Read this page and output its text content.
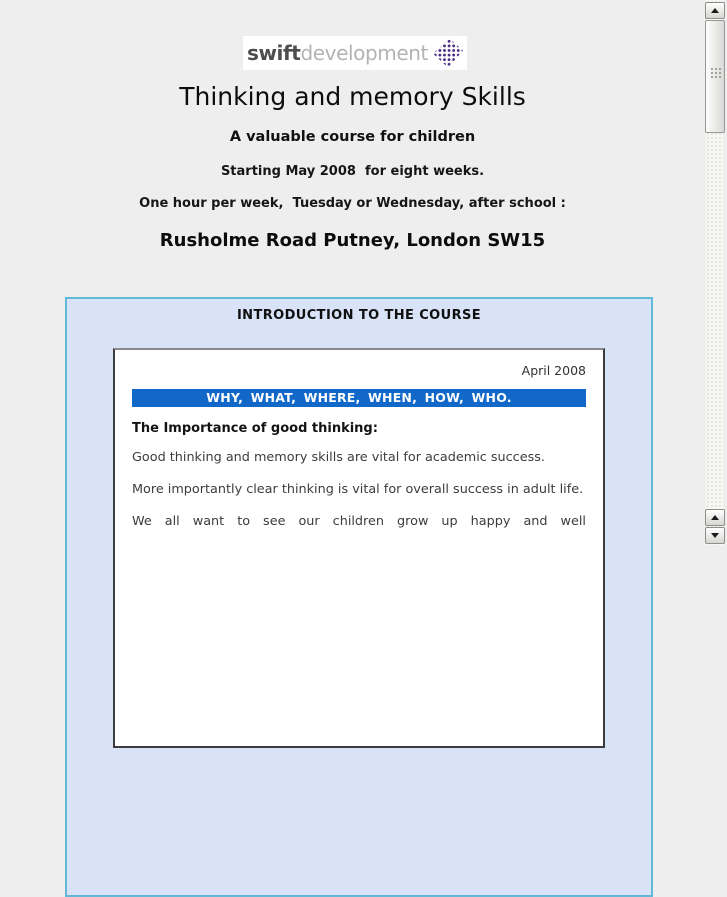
swiftdevelopment
Thinking and memory Skills
A valuable course for children
Starting May 2008  for eight weeks.
One hour per week,  Tuesday or Wednesday, after school :
Rusholme Road Putney, London SW15
INTRODUCTION TO THE COURSE
April 2008
WHY, WHAT, WHERE, WHEN, HOW, WHO.
The Importance of good thinking:

Good thinking and memory skills are vital for academic success.

More importantly clear thinking is vital for overall success in adult life.

We all want to see our children grow up happy and well
